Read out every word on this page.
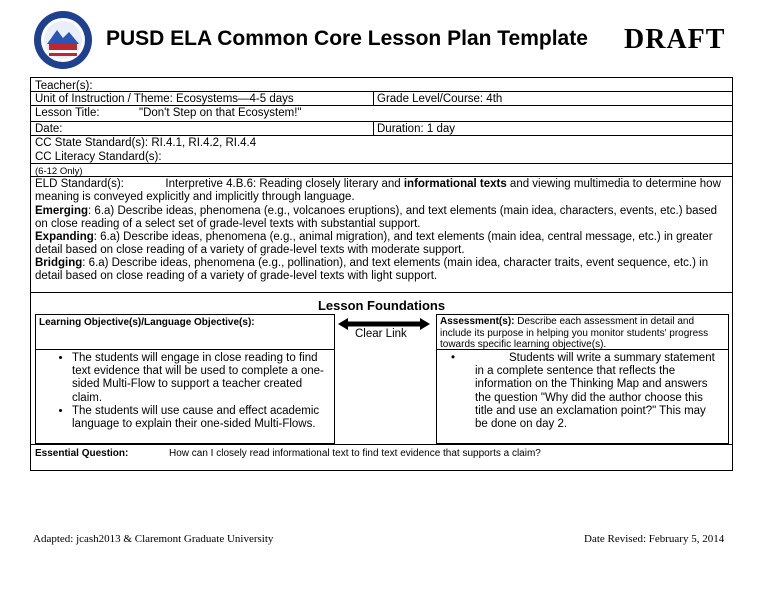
PUSD ELA Common Core Lesson Plan Template DRAFT
Teacher(s):
Unit of Instruction / Theme: Ecosystems—4-5 days	Grade Level/Course: 4th
Lesson Title:	"Don't Step on that Ecosystem!"
Date:	Duration: 1 day
CC State Standard(s): RI.4.1, RI.4.2, RI.4.4
CC Literacy Standard(s):
(6-12 Only)
ELD Standard(s):	Interpretive 4.B.6: Reading closely literary and informational texts and viewing multimedia to determine how meaning is conveyed explicitly and implicitly through language.
Emerging: 6.a) Describe ideas, phenomena (e.g., volcanoes eruptions), and text elements (main idea, characters, events, etc.) based on close reading of a select set of grade-level texts with substantial support.
Expanding: 6.a) Describe ideas, phenomena (e.g., animal migration), and text elements (main idea, central message, etc.) in greater detail based on close reading of a variety of grade-level texts with moderate support.
Bridging: 6.a) Describe ideas, phenomena (e.g., pollination), and text elements (main idea, character traits, event sequence, etc.) in detail based on close reading of a variety of grade-level texts with light support.
Lesson Foundations
Learning Objective(s)/Language Objective(s):
• The students will engage in close reading to find text evidence that will be used to complete a one-sided Multi-Flow to support a teacher created claim.
• The students will use cause and effect academic language to explain their one-sided Multi-Flows.
Clear Link
Assessment(s): Describe each assessment in detail and include its purpose in helping you monitor students' progress towards specific learning objective(s).
•	Students will write a summary statement in a complete sentence that reflects the information on the Thinking Map and answers the question "Why did the author choose this title and use an exclamation point?" This may be done on day 2.
Essential Question:	How can I closely read informational text to find text evidence that supports a claim?
Adapted: jcash2013 & Claremont Graduate University	Date Revised: February 5, 2014
